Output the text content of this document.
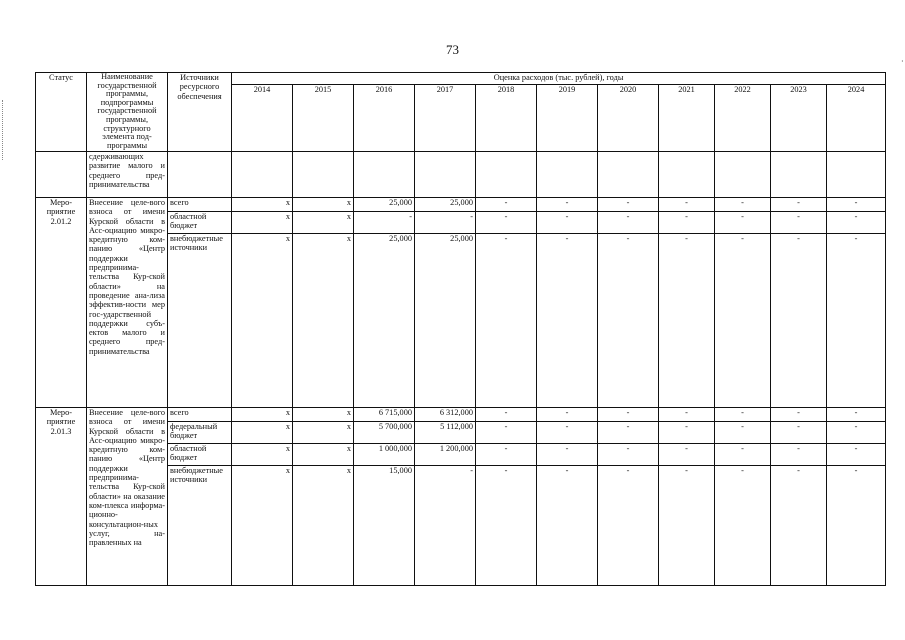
73
·
Статус	Наименование государственной программы, подпрограммы государственной программы, структурного элемента под-программы	Источники ресурсного обеспечения	Оценка расходов (тыс. рублей), годы										
			2014	2015	2016	2017	2018	2019	2020	2021	2022	2023	2024
	сдерживающих развитие малого и среднего пред-принимательства												
Меро-приятие 2.01.2	Внесение целе-вого взноса от имени Курской области в Асс-оциацию микро-кредитную ком-панию «Центр поддержки предпринима-тельства Кур-ской области» на проведение ана-лиза эффектив-ности мер гос-ударственной поддержки субъ-ектов малого и среднего пред-принимательства	всего	x	x	25,000	25,000	-	-	-	-	-	-	-
		областной бюджет	x	x	-	-	-	-	-	-	-	-	-
		внебюджетные источники	x	x	25,000	25,000	-	-	-	-	-	-	-
Меро-приятие 2.01.3	Внесение целе-вого взноса от имени Курской области в Асс-оциацию микро-кредитную ком-панию «Центр поддержки предпринима-тельства Кур-ской области» на оказание ком-плекса информа-ционно-консультацион-ных услуг, на-правленных на	всего	x	x	6 715,000	6 312,000	-	-	-	-	-	-	-
		федеральный бюджет	x	x	5 700,000	5 112,000	-	-	-	-	-	-	-
		областной бюджет	x	x	1 000,000	1 200,000	-	-	-	-	-	-	-
		внебюджетные источники	x	x	15,000	-	-	-	-	-	-	-	-
